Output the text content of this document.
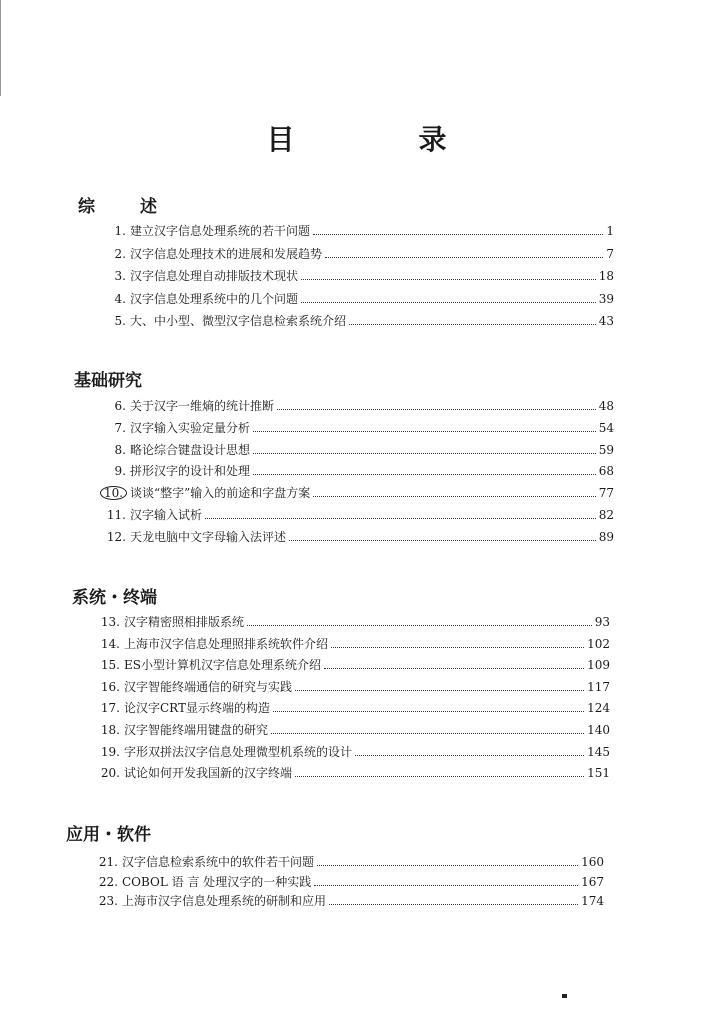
目　录
综　述
1. 建立汉字信息处理系统的若干问题	1
2. 汉字信息处理技术的进展和发展趋势	7
3. 汉字信息处理自动排版技术现状	18
4. 汉字信息处理系统中的几个问题	39
5. 大、中小型、微型汉字信息检索系统介绍	43
基础研究
6. 关于汉字一维熵的统计推断	48
7. 汉字输入实验定量分析	54
8. 略论综合键盘设计思想	59
9. 拼形汉字的设计和处理	68
10. 谈谈“整字”输入的前途和字盘方案	77
11. 汉字输入试析	82
12. 天龙电脑中文字母输入法评述	89
系统・终端
13. 汉字精密照相排版系统	93
14. 上海市汉字信息处理照排系统软件介绍	102
15. ES小型计算机汉字信息处理系统介绍	109
16. 汉字智能终端通信的研究与实践	117
17. 论汉字CRT显示终端的构造	124
18. 汉字智能终端用键盘的研究	140
19. 字形双拼法汉字信息处理微型机系统的设计	145
20. 试论如何开发我国新的汉字终端	151
应用・软件
21. 汉字信息检索系统中的软件若干问题	160
22. COBOL 语 言 处理汉字的一种实践	167
23. 上海市汉字信息处理系统的研制和应用	174
